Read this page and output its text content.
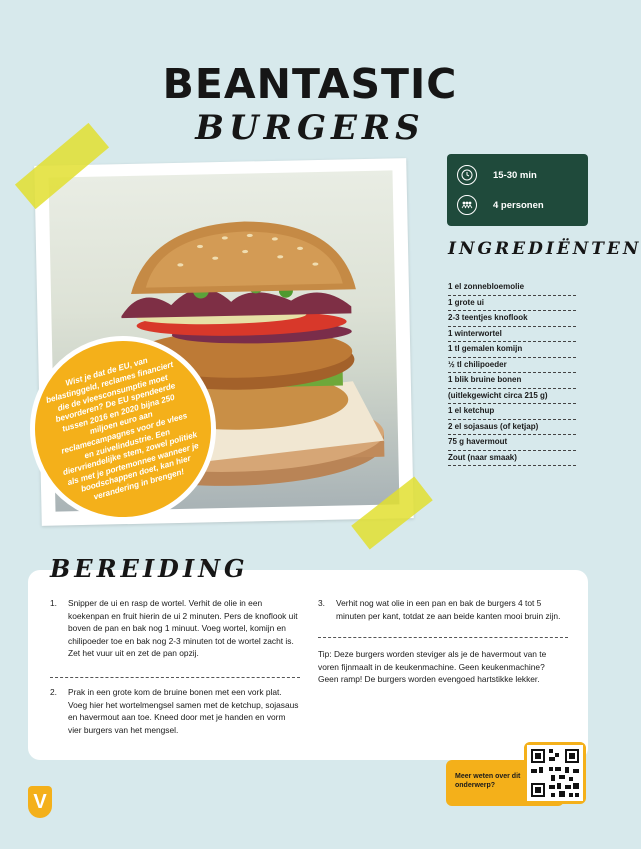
BEANTASTIC
BURGERS
Wist je dat de EU, van belastinggeld, reclames financiert die de vleesconsumptie moet bevorderen? De EU spendeerde tussen 2016 en 2020 bijna 250 miljoen euro aan reclamecampagnes voor de vlees en zuivelindustrie. Een diervriendelijke stem, zowel politiek als met je portemonnee wanneer je boodschappen doet, kan hier verandering in brengen!
15-30 min
4 personen
INGREDIËNTEN
1 el zonnebloemolie
1 grote ui
2-3 teentjes knoflook
1 winterwortel
1 tl gemalen komijn
½ tl chilipoeder
1 blik bruine bonen
(uitlekgewicht circa 215 g)
1 el ketchup
2 el sojasaus (of ketjap)
75 g havermout
Zout (naar smaak)
BEREIDING
1. Snipper de ui en rasp de wortel. Verhit de olie in een koekenpan en fruit hierin de ui 2 minuten. Pers de knoflook uit boven de pan en bak nog 1 minuut. Voeg wortel, komijn en chilipoeder toe en bak nog 2-3 minuten tot de wortel zacht is. Zet het vuur uit en zet de pan opzij.
2. Prak in een grote kom de bruine bonen met een vork plat. Voeg hier het wortelmengsel samen met de ketchup, sojasaus en havermout aan toe. Kneed door met je handen en vorm vier burgers van het mengsel.
3. Verhit nog wat olie in een pan en bak de burgers 4 tot 5 minuten per kant, totdat ze aan beide kanten mooi bruin zijn.
Tip: Deze burgers worden steviger als je de havermout van te voren fijnmaalt in de keukenmachine. Geen keukenmachine? Geen ramp! De burgers worden evengoed hartstikke lekker.
Meer weten over dit onderwerp?
V
